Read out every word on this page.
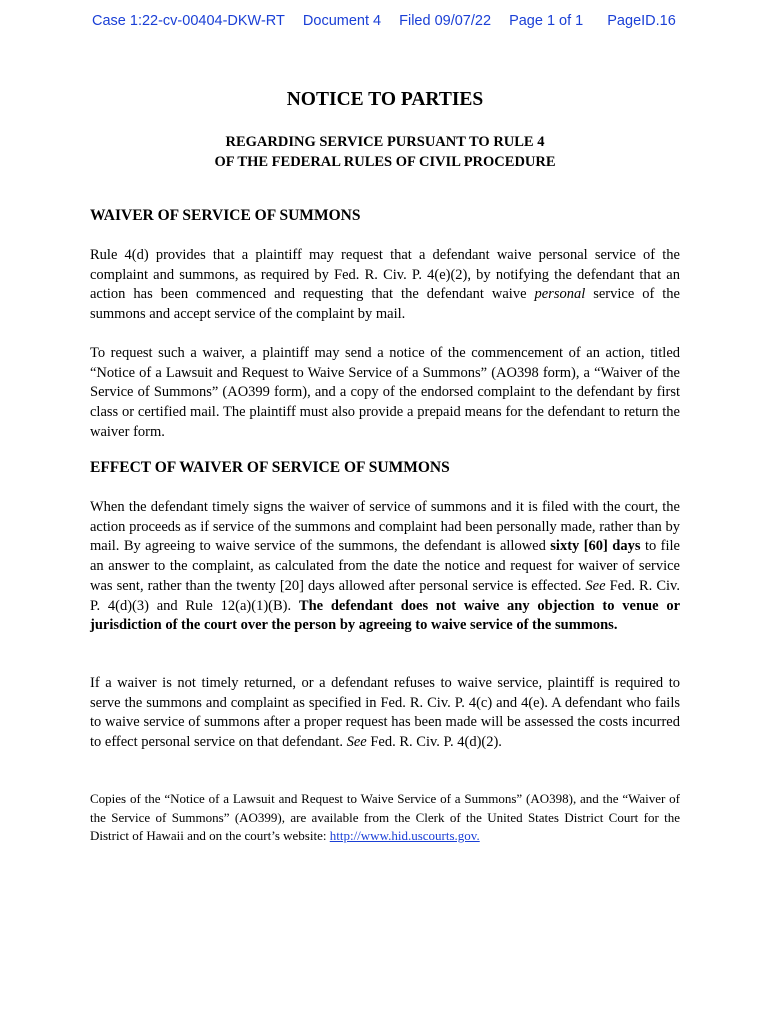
Case 1:22-cv-00404-DKW-RT Document 4 Filed 09/07/22 Page 1 of 1 PageID.16
NOTICE TO PARTIES
REGARDING SERVICE PURSUANT TO RULE 4
OF THE FEDERAL RULES OF CIVIL PROCEDURE
WAIVER OF SERVICE OF SUMMONS
Rule 4(d) provides that a plaintiff may request that a defendant waive personal service of the complaint and summons, as required by Fed. R. Civ. P. 4(e)(2), by notifying the defendant that an action has been commenced and requesting that the defendant waive personal service of the summons and accept service of the complaint by mail.
To request such a waiver, a plaintiff may send a notice of the commencement of an action, titled “Notice of a Lawsuit and Request to Waive Service of a Summons” (AO398 form), a “Waiver of the Service of Summons” (AO399 form), and a copy of the endorsed complaint to the defendant by first class or certified mail. The plaintiff must also provide a prepaid means for the defendant to return the waiver form.
EFFECT OF WAIVER OF SERVICE OF SUMMONS
When the defendant timely signs the waiver of service of summons and it is filed with the court, the action proceeds as if service of the summons and complaint had been personally made, rather than by mail. By agreeing to waive service of the summons, the defendant is allowed sixty [60] days to file an answer to the complaint, as calculated from the date the notice and request for waiver of service was sent, rather than the twenty [20] days allowed after personal service is effected. See Fed. R. Civ. P. 4(d)(3) and Rule 12(a)(1)(B). The defendant does not waive any objection to venue or jurisdiction of the court over the person by agreeing to waive service of the summons.
If a waiver is not timely returned, or a defendant refuses to waive service, plaintiff is required to serve the summons and complaint as specified in Fed. R. Civ. P. 4(c) and 4(e). A defendant who fails to waive service of summons after a proper request has been made will be assessed the costs incurred to effect personal service on that defendant. See Fed. R. Civ. P. 4(d)(2).
Copies of the “Notice of a Lawsuit and Request to Waive Service of a Summons” (AO398), and the “Waiver of the Service of Summons” (AO399), are available from the Clerk of the United States District Court for the District of Hawaii and on the court’s website: http://www.hid.uscourts.gov.
